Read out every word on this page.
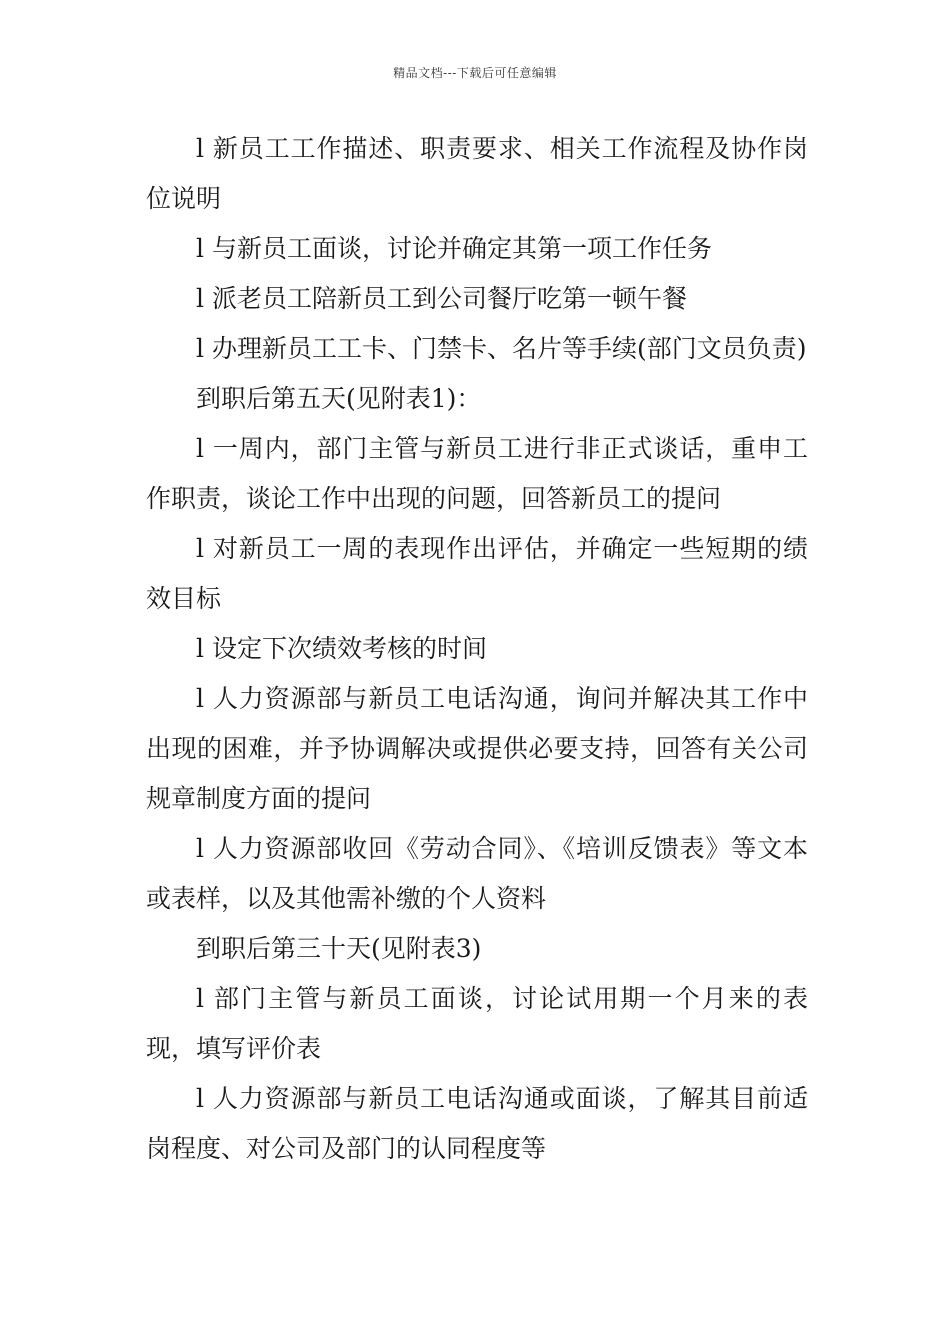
精品文档---下载后可任意编辑

l 新员工工作描述、职责要求、相关工作流程及协作岗位说明

l 与新员工面谈，讨论并确定其第一项工作任务

l 派老员工陪新员工到公司餐厅吃第一顿午餐

l 办理新员工工卡、门禁卡、名片等手续(部门文员负责)

到职后第五天(见附表1)：

l 一周内，部门主管与新员工进行非正式谈话，重申工作职责，谈论工作中出现的问题，回答新员工的提问

l 对新员工一周的表现作出评估，并确定一些短期的绩效目标

l 设定下次绩效考核的时间

l 人力资源部与新员工电话沟通，询问并解决其工作中出现的困难，并予协调解决或提供必要支持，回答有关公司规章制度方面的提问

l 人力资源部收回《劳动合同》、《培训反馈表》等文本或表样，以及其他需补缴的个人资料

到职后第三十天(见附表3)

l 部门主管与新员工面谈，讨论试用期一个月来的表现，填写评价表

l 人力资源部与新员工电话沟通或面谈，了解其目前适岗程度、对公司及部门的认同程度等
